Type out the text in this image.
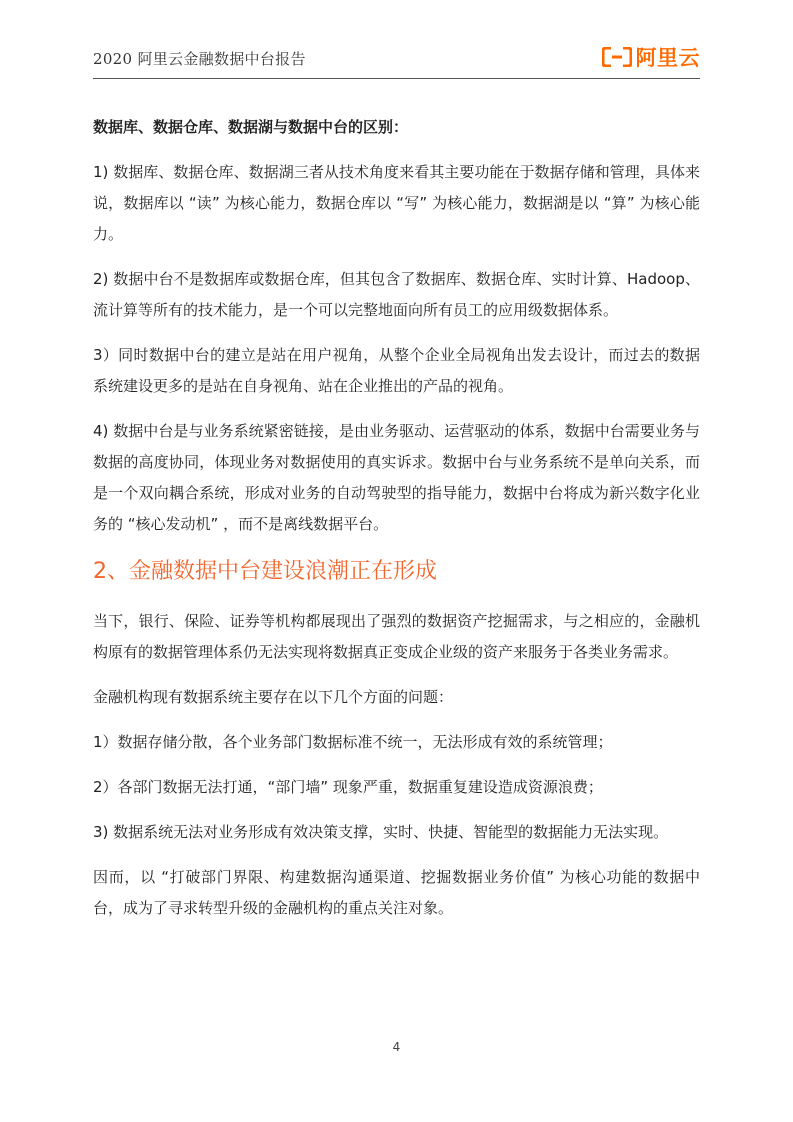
2020 阿里云金融数据中台报告	阿里云

数据库、数据仓库、数据湖与数据中台的区别：

1) 数据库、数据仓库、数据湖三者从技术角度来看其主要功能在于数据存储和管理，具体来说，数据库以 “读” 为核心能力，数据仓库以 “写” 为核心能力，数据湖是以 “算” 为核心能力。

2) 数据中台不是数据库或数据仓库，但其包含了数据库、数据仓库、实时计算、Hadoop、流计算等所有的技术能力，是一个可以完整地面向所有员工的应用级数据体系。

3）同时数据中台的建立是站在用户视角，从整个企业全局视角出发去设计，而过去的数据系统建设更多的是站在自身视角、站在企业推出的产品的视角。

4) 数据中台是与业务系统紧密链接，是由业务驱动、运营驱动的体系，数据中台需要业务与数据的高度协同，体现业务对数据使用的真实诉求。数据中台与业务系统不是单向关系，而是一个双向耦合系统，形成对业务的自动驾驶型的指导能力，数据中台将成为新兴数字化业务的 “核心发动机” ，而不是离线数据平台。

2、金融数据中台建设浪潮正在形成

当下，银行、保险、证券等机构都展现出了强烈的数据资产挖掘需求，与之相应的，金融机构原有的数据管理体系仍无法实现将数据真正变成企业级的资产来服务于各类业务需求。

金融机构现有数据系统主要存在以下几个方面的问题：

1）数据存储分散，各个业务部门数据标准不统一，无法形成有效的系统管理；

2）各部门数据无法打通，“部门墙” 现象严重，数据重复建设造成资源浪费；

3) 数据系统无法对业务形成有效决策支撑，实时、快捷、智能型的数据能力无法实现。

因而，以 “打破部门界限、构建数据沟通渠道、挖掘数据业务价值” 为核心功能的数据中台，成为了寻求转型升级的金融机构的重点关注对象。

4
